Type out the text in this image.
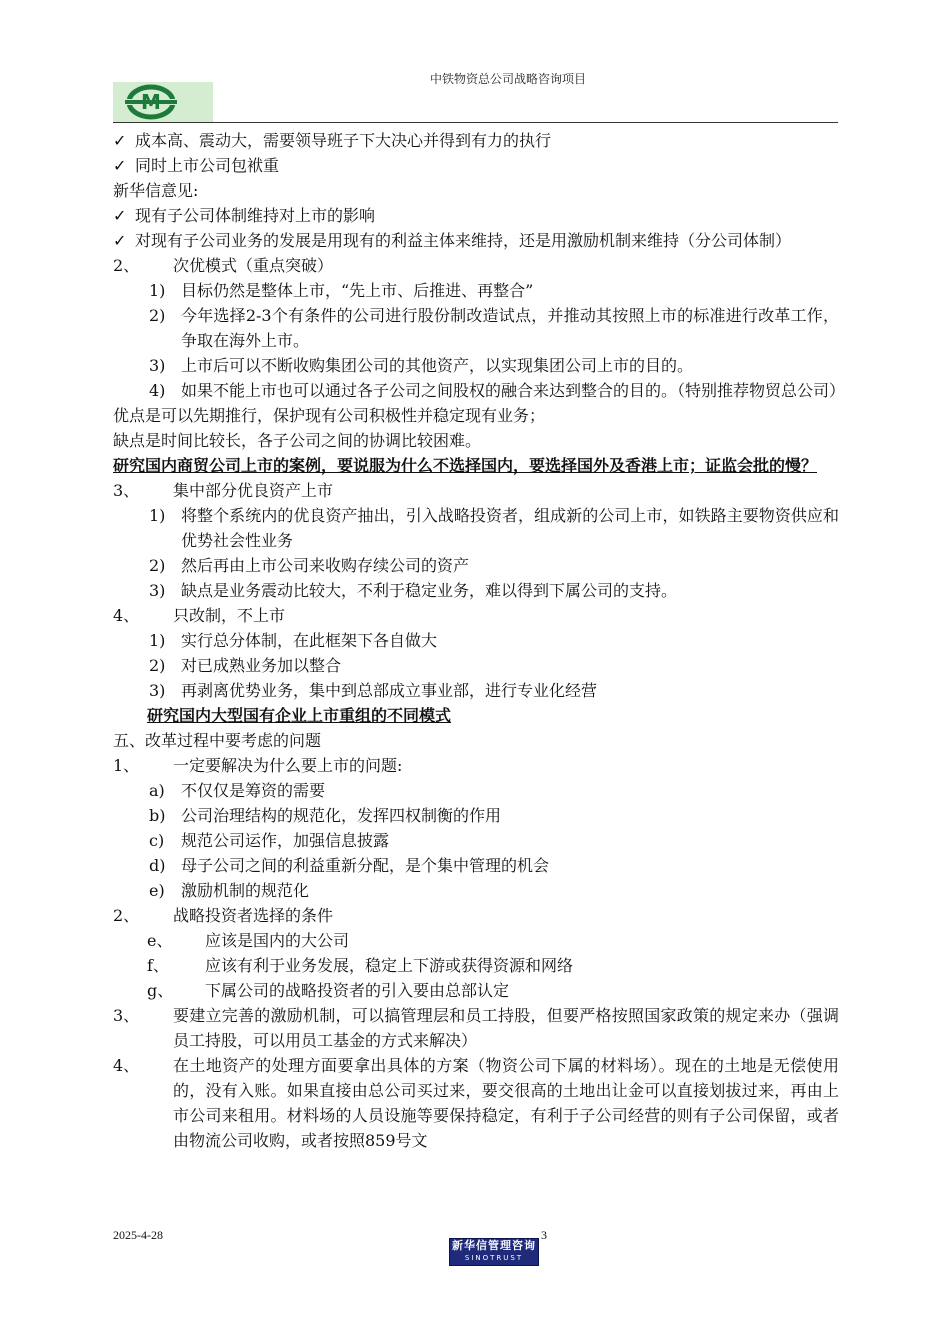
中铁物资总公司战略咨询项目
M
✓ 成本高、震动大，需要领导班子下大决心并得到有力的执行
✓ 同时上市公司包袱重
新华信意见:
✓ 现有子公司体制维持对上市的影响
✓ 对现有子公司业务的发展是用现有的利益主体来维持，还是用激励机制来维持（分公司体制）
2、 次优模式（重点突破）
1) 目标仍然是整体上市，“先上市、后推进、再整合”
2) 今年选择2-3个有条件的公司进行股份制改造试点，并推动其按照上市的标准进行改革工作，争取在海外上市。
3) 上市后可以不断收购集团公司的其他资产，以实现集团公司上市的目的。
4) 如果不能上市也可以通过各子公司之间股权的融合来达到整合的目的。（特别推荐物贸总公司）
优点是可以先期推行，保护现有公司积极性并稳定现有业务；
缺点是时间比较长，各子公司之间的协调比较困难。
研究国内商贸公司上市的案例，要说服为什么不选择国内，要选择国外及香港上市；证监会批的慢？
3、 集中部分优良资产上市
1) 将整个系统内的优良资产抽出，引入战略投资者，组成新的公司上市，如铁路主要物资供应和优势社会性业务
2) 然后再由上市公司来收购存续公司的资产
3) 缺点是业务震动比较大，不利于稳定业务，难以得到下属公司的支持。
4、 只改制，不上市
1) 实行总分体制，在此框架下各自做大
2) 对已成熟业务加以整合
3) 再剥离优势业务，集中到总部成立事业部，进行专业化经营
研究国内大型国有企业上市重组的不同模式
五、改革过程中要考虑的问题
1、 一定要解决为什么要上市的问题:
a) 不仅仅是筹资的需要
b) 公司治理结构的规范化，发挥四权制衡的作用
c) 规范公司运作，加强信息披露
d) 母子公司之间的利益重新分配，是个集中管理的机会
e) 激励机制的规范化
2、 战略投资者选择的条件
e、 应该是国内的大公司
f、 应该有利于业务发展，稳定上下游或获得资源和网络
g、 下属公司的战略投资者的引入要由总部认定
3、 要建立完善的激励机制，可以搞管理层和员工持股，但要严格按照国家政策的规定来办（强调员工持股，可以用员工基金的方式来解决）
4、 在土地资产的处理方面要拿出具体的方案（物资公司下属的材料场）。现在的土地是无偿使用的，没有入账。如果直接由总公司买过来，要交很高的土地出让金可以直接划拔过来，再由上市公司来租用。材料场的人员设施等要保持稳定，有利于子公司经营的则有子公司保留，或者由物流公司收购，或者按照859号文
2025-4-28	3
新华信管理咨询
SINOTRUST
